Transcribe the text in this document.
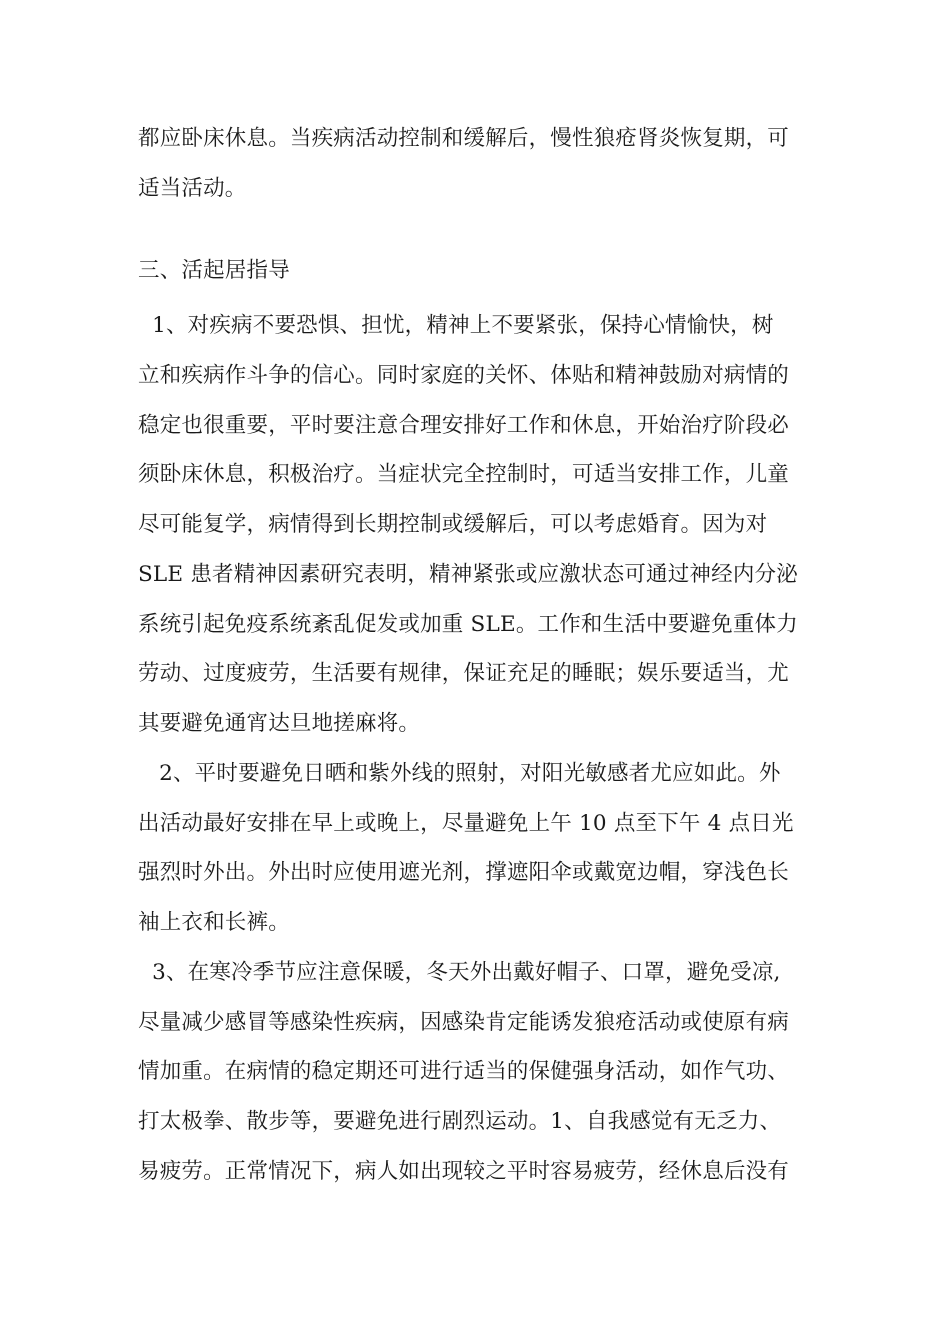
都应卧床休息。当疾病活动控制和缓解后，慢性狼疮肾炎恢复期，可
适当活动。
三、活起居指导
1、对疾病不要恐惧、担忧，精神上不要紧张，保持心情愉快，树
立和疾病作斗争的信心。同时家庭的关怀、体贴和精神鼓励对病情的
稳定也很重要，平时要注意合理安排好工作和休息，开始治疗阶段必
须卧床休息，积极治疗。当症状完全控制时，可适当安排工作，儿童
尽可能复学，病情得到长期控制或缓解后，可以考虑婚育。因为对
SLE 患者精神因素研究表明，精神紧张或应激状态可通过神经内分泌
系统引起免疫系统紊乱促发或加重 SLE。工作和生活中要避免重体力
劳动、过度疲劳，生活要有规律，保证充足的睡眠；娱乐要适当，尤
其要避免通宵达旦地搓麻将。
2、平时要避免日晒和紫外线的照射，对阳光敏感者尤应如此。外
出活动最好安排在早上或晚上，尽量避免上午 10 点至下午 4 点日光
强烈时外出。外出时应使用遮光剂，撑遮阳伞或戴宽边帽，穿浅色长
袖上衣和长裤。
3、在寒冷季节应注意保暖，冬天外出戴好帽子、口罩，避免受凉,
尽量减少感冒等感染性疾病，因感染肯定能诱发狼疮活动或使原有病
情加重。在病情的稳定期还可进行适当的保健强身活动，如作气功、
打太极拳、散步等，要避免进行剧烈运动。1、自我感觉有无乏力、
易疲劳。正常情况下，病人如出现较之平时容易疲劳，经休息后没有
